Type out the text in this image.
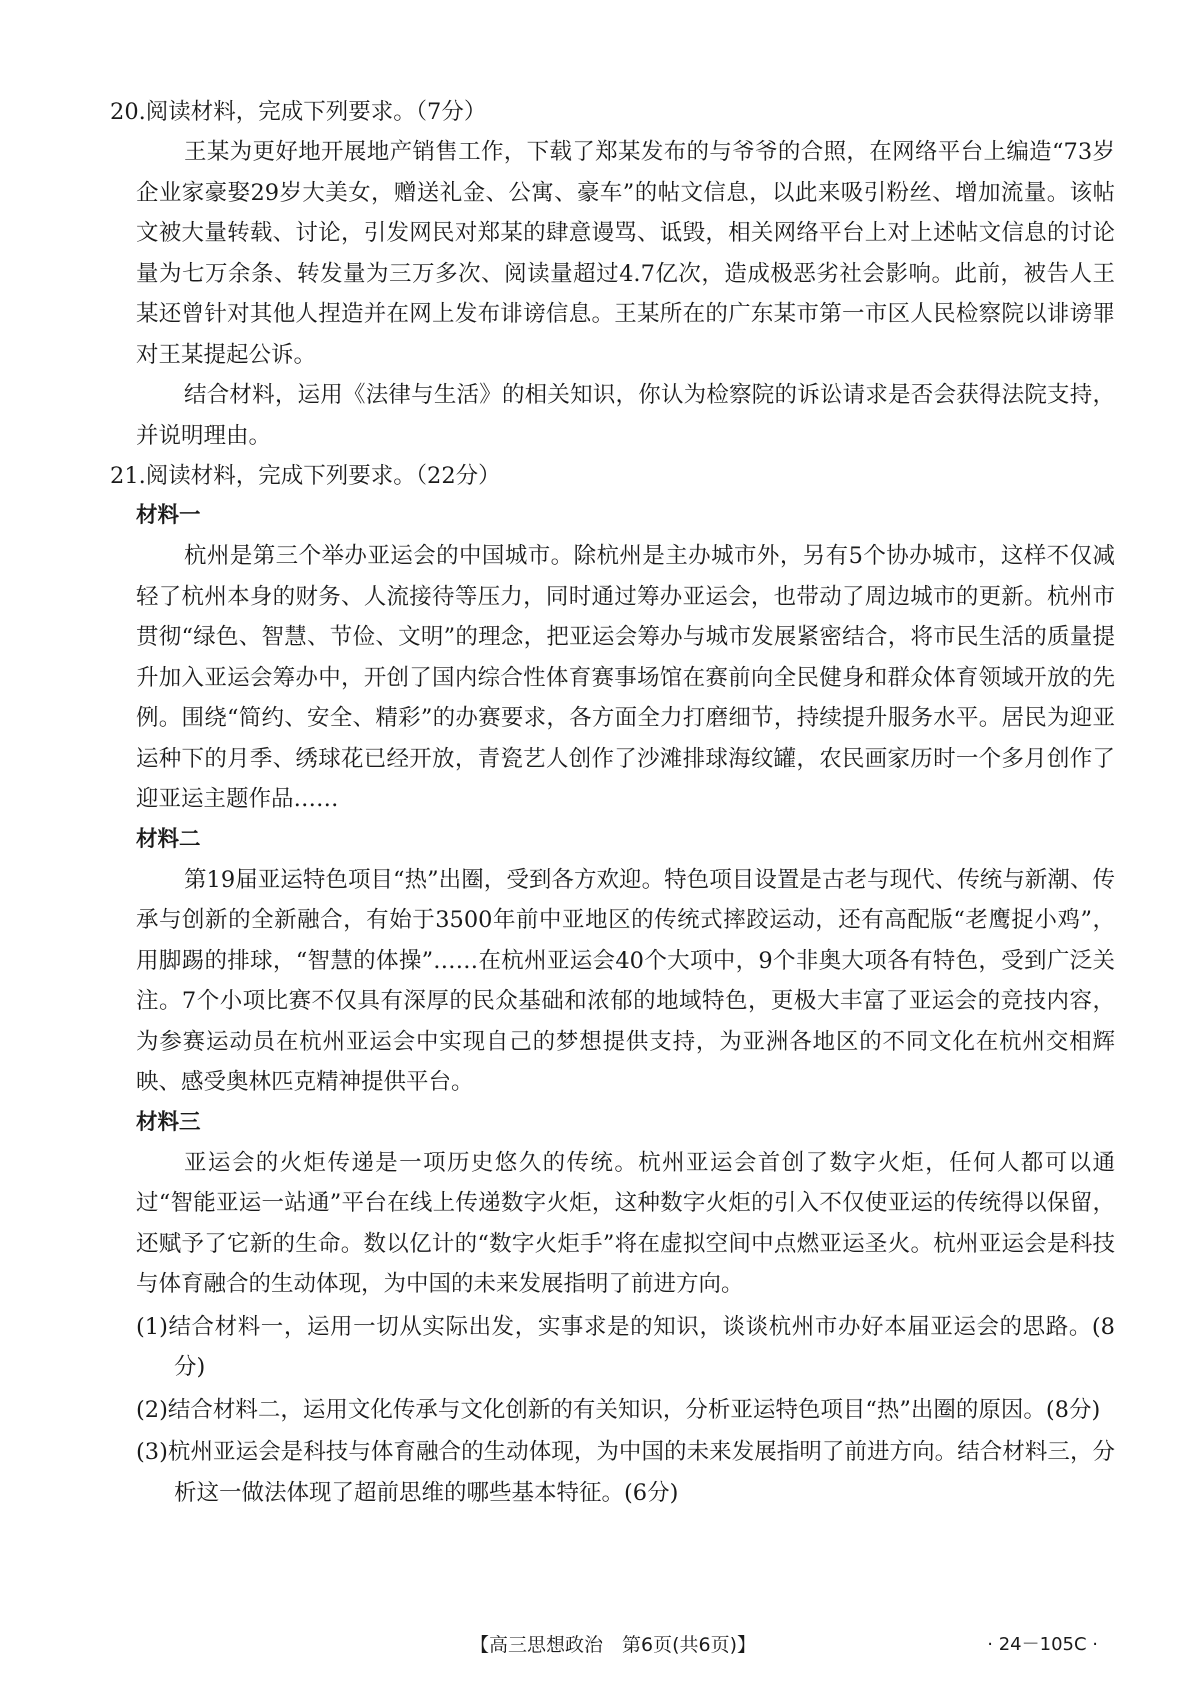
20.阅读材料，完成下列要求。（7分）

王某为更好地开展地产销售工作，下载了郑某发布的与爷爷的合照，在网络平台上编造“73岁企业家豪娶29岁大美女，赠送礼金、公寓、豪车”的帖文信息，以此来吸引粉丝、增加流量。该帖文被大量转载、讨论，引发网民对郑某的肆意谩骂、诋毁，相关网络平台上对上述帖文信息的讨论量为七万余条、转发量为三万多次、阅读量超过4.7亿次，造成极恶劣社会影响。此前，被告人王某还曾针对其他人捏造并在网上发布诽谤信息。王某所在的广东某市第一市区人民检察院以诽谤罪对王某提起公诉。

结合材料，运用《法律与生活》的相关知识，你认为检察院的诉讼请求是否会获得法院支持，并说明理由。

21.阅读材料，完成下列要求。（22分）

材料一

杭州是第三个举办亚运会的中国城市。除杭州是主办城市外，另有5个协办城市，这样不仅减轻了杭州本身的财务、人流接待等压力，同时通过筹办亚运会，也带动了周边城市的更新。杭州市贯彻“绿色、智慧、节俭、文明”的理念，把亚运会筹办与城市发展紧密结合，将市民生活的质量提升加入亚运会筹办中，开创了国内综合性体育赛事场馆在赛前向全民健身和群众体育领域开放的先例。围绕“简约、安全、精彩”的办赛要求，各方面全力打磨细节，持续提升服务水平。居民为迎亚运种下的月季、绣球花已经开放，青瓷艺人创作了沙滩排球海纹罐，农民画家历时一个多月创作了迎亚运主题作品……

材料二

第19届亚运特色项目“热”出圈，受到各方欢迎。特色项目设置是古老与现代、传统与新潮、传承与创新的全新融合，有始于3500年前中亚地区的传统式摔跤运动，还有高配版“老鹰捉小鸡”，用脚踢的排球，“智慧的体操”……在杭州亚运会40个大项中，9个非奥大项各有特色，受到广泛关注。7个小项比赛不仅具有深厚的民众基础和浓郁的地域特色，更极大丰富了亚运会的竞技内容，为参赛运动员在杭州亚运会中实现自己的梦想提供支持，为亚洲各地区的不同文化在杭州交相辉映、感受奥林匹克精神提供平台。

材料三

亚运会的火炬传递是一项历史悠久的传统。杭州亚运会首创了数字火炬，任何人都可以通过“智能亚运一站通”平台在线上传递数字火炬，这种数字火炬的引入不仅使亚运的传统得以保留，还赋予了它新的生命。数以亿计的“数字火炬手”将在虚拟空间中点燃亚运圣火。杭州亚运会是科技与体育融合的生动体现，为中国的未来发展指明了前进方向。

(1)结合材料一，运用一切从实际出发，实事求是的知识，谈谈杭州市办好本届亚运会的思路。(8分)

(2)结合材料二，运用文化传承与文化创新的有关知识，分析亚运特色项目“热”出圈的原因。(8分)

(3)杭州亚运会是科技与体育融合的生动体现，为中国的未来发展指明了前进方向。结合材料三，分析这一做法体现了超前思维的哪些基本特征。(6分)

【高三思想政治　第6页(共6页)】	· 24－105C ·
